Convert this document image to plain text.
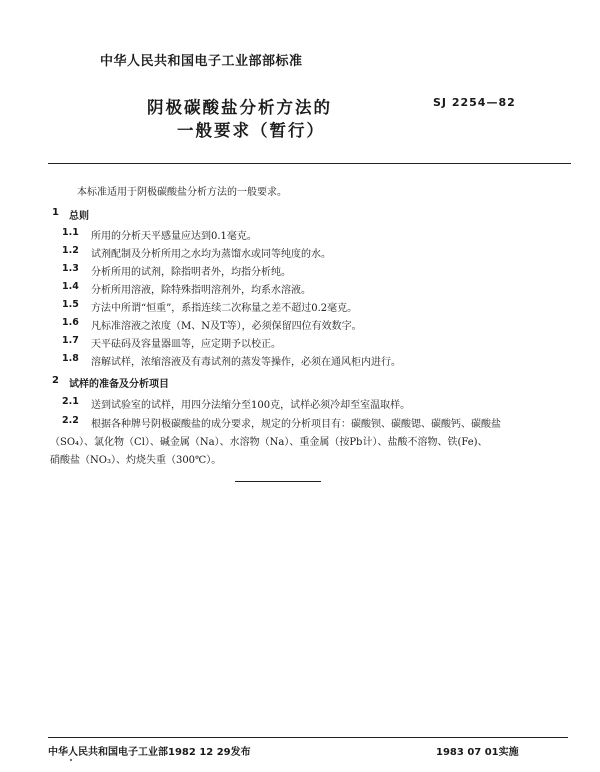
中华人民共和国电子工业部部标准
阴极碳酸盐分析方法的
一般要求（暂行）
SJ 2254—82
本标准适用于阴极碳酸盐分析方法的一般要求。
1 总则
1.1 所用的分析天平感量应达到0.1毫克。
1.2 试剂配制及分析所用之水均为蒸馏水或同等纯度的水。
1.3 分析所用的试剂，除指明者外，均指分析纯。
1.4 分析所用溶液，除特殊指明溶剂外，均系水溶液。
1.5 方法中所谓“恒重”，系指连续二次称量之差不超过0.2毫克。
1.6 凡标准溶液之浓度（M、N及T等），必须保留四位有效数字。
1.7 天平砝码及容量器皿等，应定期予以校正。
1.8 溶解试样，浓缩溶液及有毒试剂的蒸发等操作，必须在通风柜内进行。
2 试样的准备及分析项目
2.1 送到试验室的试样，用四分法缩分至100克，试样必须冷却至室温取样。
2.2 根据各种牌号阴极碳酸盐的成分要求，规定的分析项目有：碳酸钡、碳酸锶、碳酸钙、碳酸盐
（SO₄）、氯化物（Cl）、碱金属（Na）、水溶物（Na）、重金属（按Pb计）、盐酸不溶物、铁(Fe)、
硝酸盐（NO₃）、灼烧失重（300℃）。
中华人民共和国电子工业部1982 12 29发布	1983 07 01实施
